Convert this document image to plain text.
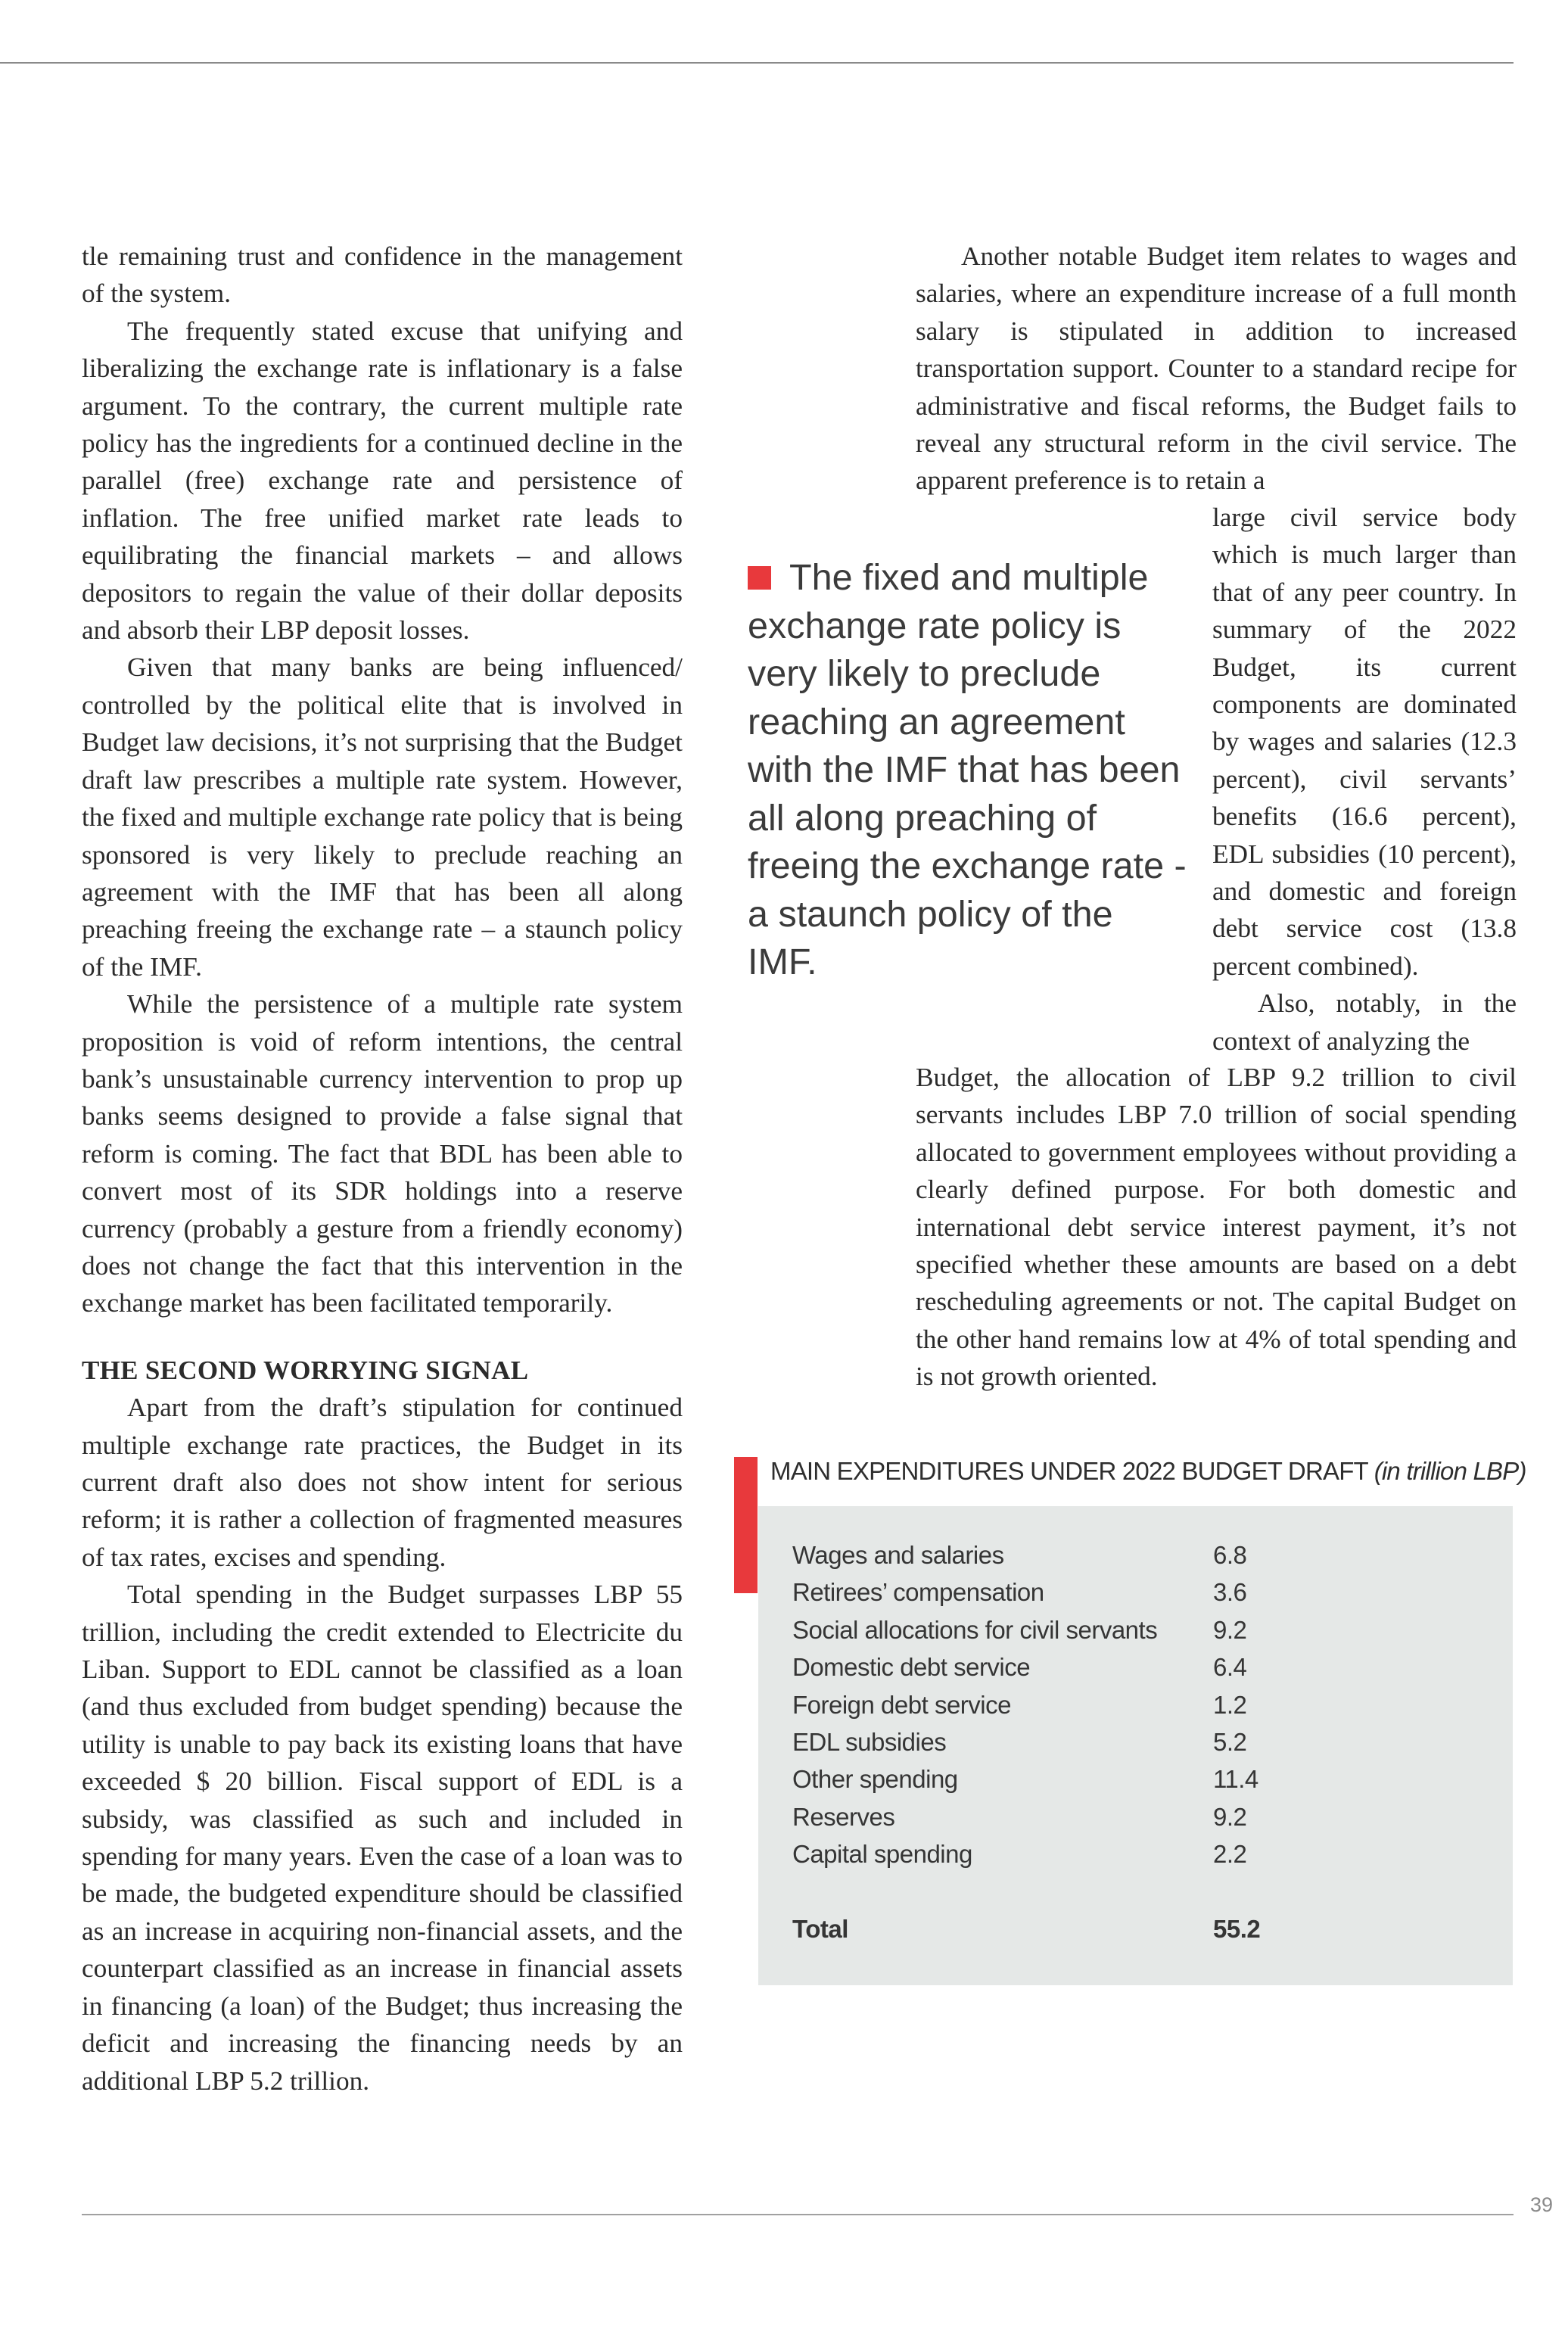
tle remaining trust and confidence in the management of the system.

The frequently stated excuse that unifying and liberalizing the exchange rate is inflationary is a false argument. To the contrary, the current multiple rate policy has the ingredients for a continued decline in the parallel (free) exchange rate and persistence of inflation. The free unified market rate leads to equilibrating the financial markets – and allows depositors to regain the value of their dollar deposits and absorb their LBP deposit losses.

Given that many banks are being influenced/ controlled by the political elite that is involved in Budget law decisions, it’s not surprising that the Budget draft law prescribes a multiple rate system. However, the fixed and multiple exchange rate policy that is being sponsored is very likely to preclude reaching an agreement with the IMF that has been all along preaching freeing the exchange rate – a staunch policy of the IMF.

While the persistence of a multiple rate system proposition is void of reform intentions, the central bank’s unsustainable currency intervention to prop up banks seems designed to provide a false signal that reform is coming. The fact that BDL has been able to convert most of its SDR holdings into a reserve currency (probably a gesture from a friendly economy) does not change the fact that this intervention in the exchange market has been facilitated temporarily.

THE SECOND WORRYING SIGNAL

Apart from the draft’s stipulation for continued multiple exchange rate practices, the Budget in its current draft also does not show intent for serious reform; it is rather a collection of fragmented measures of tax rates, excises and spending.

Total spending in the Budget surpasses LBP 55 trillion, including the credit extended to Electricite du Liban. Support to EDL cannot be classified as a loan (and thus excluded from budget spending) because the utility is unable to pay back its existing loans that have exceeded $ 20 billion. Fiscal support of EDL is a subsidy, was classified as such and included in spending for many years. Even the case of a loan was to be made, the budgeted expenditure should be classified as an increase in acquiring non-financial assets, and the counterpart classified as an increase in financial assets in financing (a loan) of the Budget; thus increasing the deficit and increasing the financing needs by an additional LBP 5.2 trillion.

Another notable Budget item relates to wages and salaries, where an expenditure increase of a full month salary is stipulated in addition to increased transportation support. Counter to a standard recipe for administrative and fiscal reforms, the Budget fails to reveal any structural reform in the civil service. The apparent preference is to retain a

large civil service body which is much larger than that of any peer country. In summary of the 2022 Budget, its current components are dominated by wages and salaries (12.3 percent), civil servants’ benefits (16.6 percent), EDL subsidies (10 percent), and domestic and foreign debt service cost (13.8 percent combined).

Also, notably, in the context of analyzing the

Budget, the allocation of LBP 9.2 trillion to civil servants includes LBP 7.0 trillion of social spending allocated to government employees without providing a clearly defined purpose. For both domestic and international debt service interest payment, it’s not specified whether these amounts are based on a debt rescheduling agreements or not. The capital Budget on the other hand remains low at 4% of total spending and is not growth oriented.

The fixed and multiple exchange rate policy is very likely to preclude reaching an agreement with the IMF that has been all along preaching of freeing the exchange rate - a staunch policy of the IMF.
MAIN EXPENDITURES UNDER 2022 BUDGET DRAFT (in trillion LBP)
Wages and salaries	6.8
Retirees’ compensation	3.6
Social allocations for civil servants 9.2
Domestic debt service	6.4
Foreign debt service	1.2
EDL subsidies	5.2
Other spending	11.4
Reserves	9.2
Capital spending	2.2
Total	55.2
39
